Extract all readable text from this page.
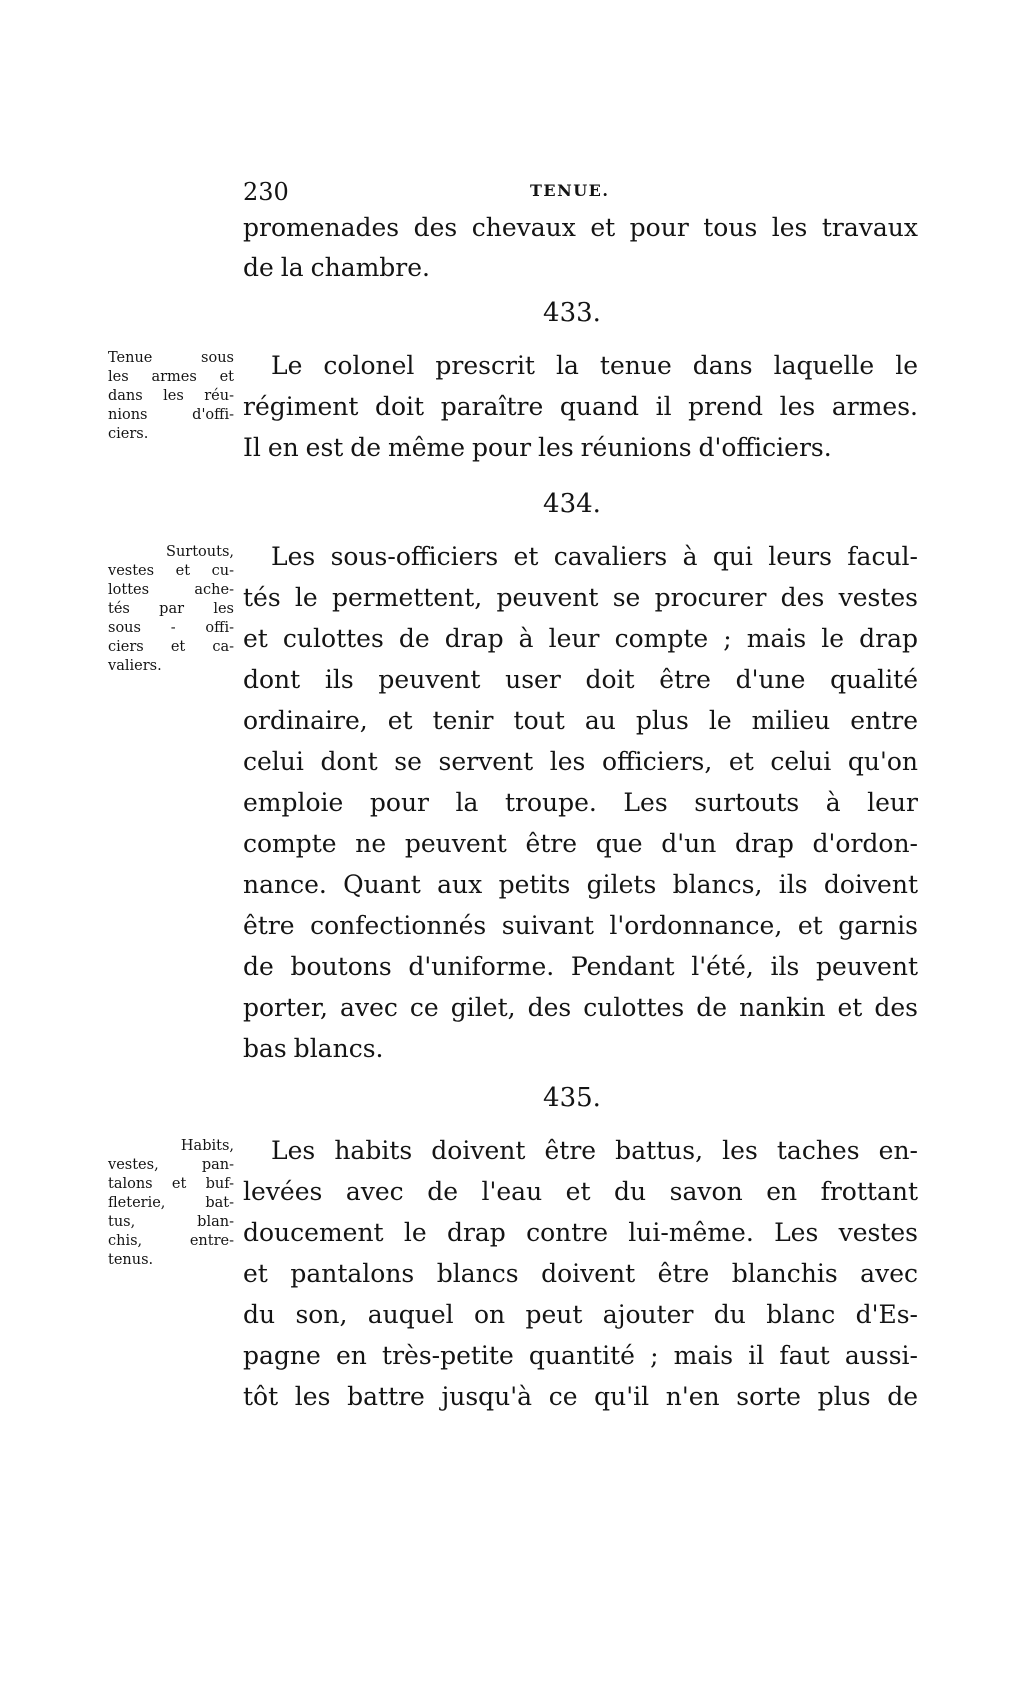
230	TENUE.
promenades des chevaux et pour tous les travaux
de la chambre.
433.
Tenue sous
les armes et
dans les réu-
nions d'offi-
ciers.
Le colonel prescrit la tenue dans laquelle le
régiment doit paraître quand il prend les armes.
Il en est de même pour les réunions d'officiers.
434.
Surtouts,
vestes et cu-
lottes ache-
tés par les
sous - offi-
ciers et ca-
valiers.
Les sous-officiers et cavaliers à qui leurs facul-
tés le permettent, peuvent se procurer des vestes
et culottes de drap à leur compte ; mais le drap
dont ils peuvent user doit être d'une qualité
ordinaire, et tenir tout au plus le milieu entre
celui dont se servent les officiers, et celui qu'on
emploie pour la troupe. Les surtouts à leur
compte ne peuvent être que d'un drap d'ordon-
nance. Quant aux petits gilets blancs, ils doivent
être confectionnés suivant l'ordonnance, et garnis
de boutons d'uniforme. Pendant l'été, ils peuvent
porter, avec ce gilet, des culottes de nankin et des
bas blancs.
435.
Habits,
vestes, pan-
talons et buf-
fleterie, bat-
tus, blan-
chis, entre-
tenus.
Les habits doivent être battus, les taches en-
levées avec de l'eau et du savon en frottant
doucement le drap contre lui-même. Les vestes
et pantalons blancs doivent être blanchis avec
du son, auquel on peut ajouter du blanc d'Es-
pagne en très-petite quantité ; mais il faut aussi-
tôt les battre jusqu'à ce qu'il n'en sorte plus de
